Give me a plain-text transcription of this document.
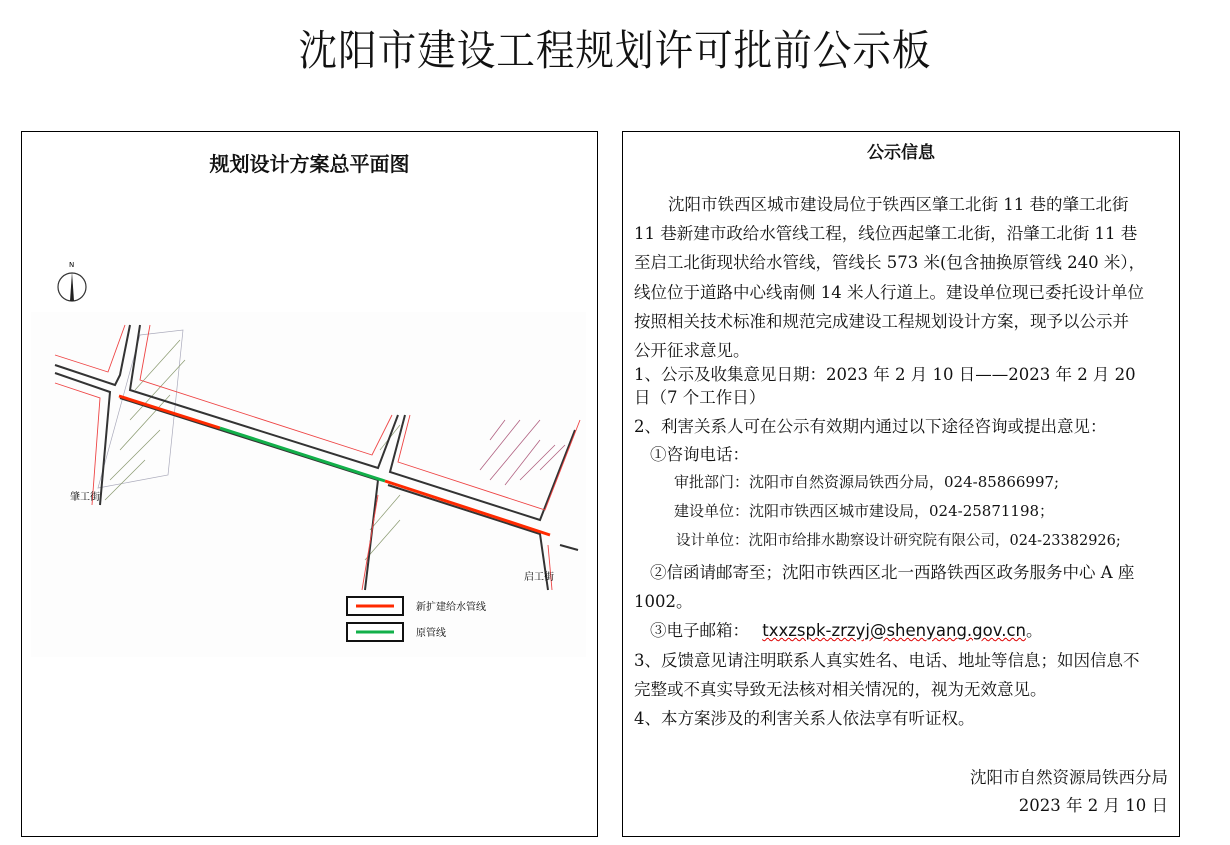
沈阳市建设工程规划许可批前公示板
规划设计方案总平面图	公示信息
N
肇工街
启工街
新扩建给水管线
原管线
沈阳市铁西区城市建设局位于铁西区肇工北街 11 巷的肇工北街
11 巷新建市政给水管线工程，线位西起肇工北街，沿肇工北街 11 巷
至启工北街现状给水管线，管线长 573 米(包含抽换原管线 240 米），
线位位于道路中心线南侧 14 米人行道上。建设单位现已委托设计单位
按照相关技术标准和规范完成建设工程规划设计方案，现予以公示并
公开征求意见。
1、公示及收集意见日期：2023 年 2 月 10 日——2023 年 2 月 20
日（7 个工作日）
2、利害关系人可在公示有效期内通过以下途径咨询或提出意见：
①咨询电话：
审批部门：沈阳市自然资源局铁西分局，024-85866997;
建设单位：沈阳市铁西区城市建设局，024-25871198；
设计单位：沈阳市给排水勘察设计研究院有限公司，024-23382926;
②信函请邮寄至；沈阳市铁西区北一西路铁西区政务服务中心 A 座
1002。
③电子邮箱： txxzspk-zrzyj@shenyang.gov.cn。
3、反馈意见请注明联系人真实姓名、电话、地址等信息；如因信息不
完整或不真实导致无法核对相关情况的，视为无效意见。
4、本方案涉及的利害关系人依法享有听证权。
沈阳市自然资源局铁西分局
2023 年 2 月 10 日
